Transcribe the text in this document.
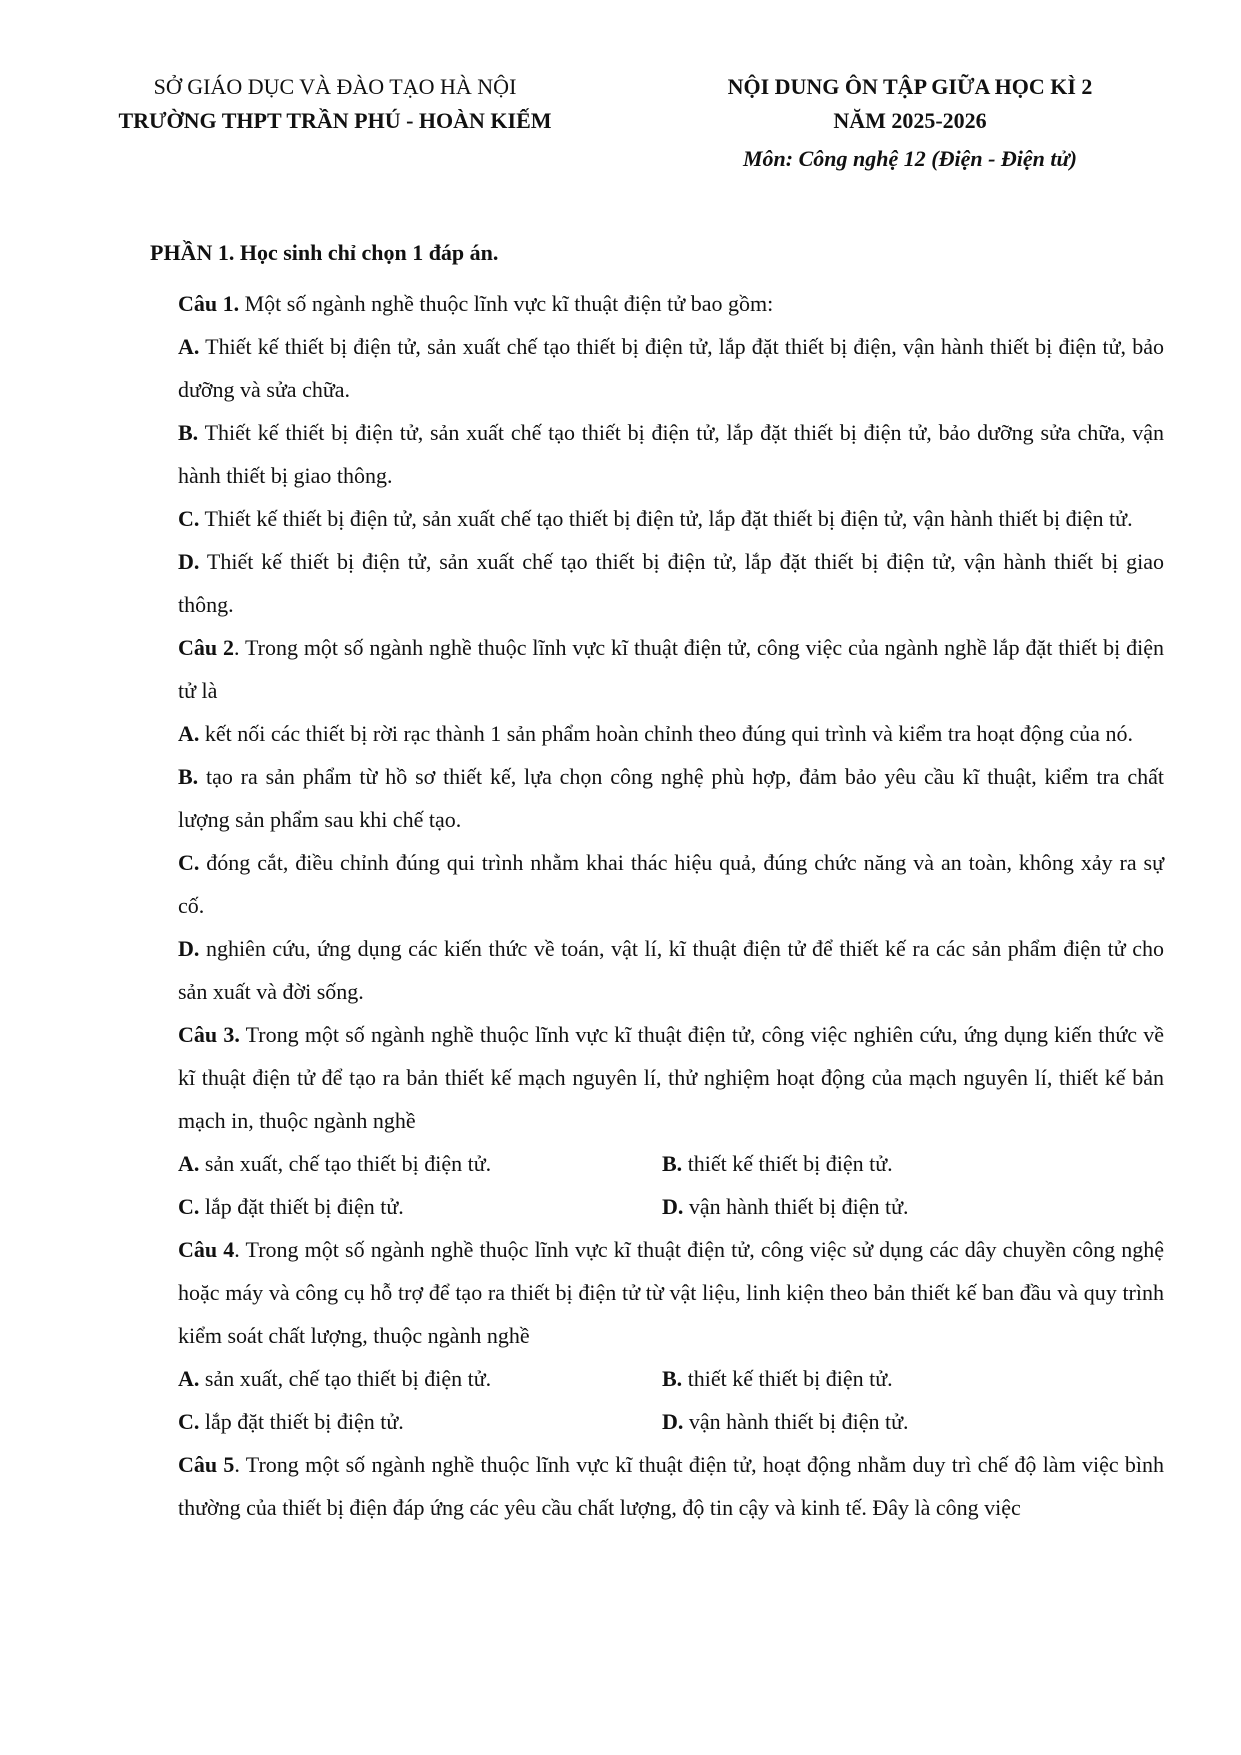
SỞ GIÁO DỤC VÀ ĐÀO TẠO HÀ NỘI
TRƯỜNG THPT TRẦN PHÚ - HOÀN KIẾM
NỘI DUNG ÔN TẬP GIỮA HỌC KÌ 2
NĂM 2025-2026
Môn: Công nghệ 12 (Điện - Điện tử)
PHẦN 1. Học sinh chỉ chọn 1 đáp án.

Câu 1. Một số ngành nghề thuộc lĩnh vực kĩ thuật điện tử bao gồm:

A. Thiết kế thiết bị điện tử, sản xuất chế tạo thiết bị điện tử, lắp đặt thiết bị điện, vận hành thiết bị điện tử, bảo dưỡng và sửa chữa.

B. Thiết kế thiết bị điện tử, sản xuất chế tạo thiết bị điện tử, lắp đặt thiết bị điện tử, bảo dưỡng sửa chữa, vận hành thiết bị giao thông.

C. Thiết kế thiết bị điện tử, sản xuất chế tạo thiết bị điện tử, lắp đặt thiết bị điện tử, vận hành thiết bị điện tử.

D. Thiết kế thiết bị điện tử, sản xuất chế tạo thiết bị điện tử, lắp đặt thiết bị điện tử, vận hành thiết bị giao thông.

Câu 2. Trong một số ngành nghề thuộc lĩnh vực kĩ thuật điện tử, công việc của ngành nghề lắp đặt thiết bị điện tử là

A. kết nối các thiết bị rời rạc thành 1 sản phẩm hoàn chỉnh theo đúng qui trình và kiểm tra hoạt động của nó.

B. tạo ra sản phẩm từ hồ sơ thiết kế, lựa chọn công nghệ phù hợp, đảm bảo yêu cầu kĩ thuật, kiểm tra chất lượng sản phẩm sau khi chế tạo.

C. đóng cắt, điều chỉnh đúng qui trình nhằm khai thác hiệu quả, đúng chức năng và an toàn, không xảy ra sự cố.

D. nghiên cứu, ứng dụng các kiến thức về toán, vật lí, kĩ thuật điện tử để thiết kế ra các sản phẩm điện tử cho sản xuất và đời sống.

Câu 3. Trong một số ngành nghề thuộc lĩnh vực kĩ thuật điện tử, công việc nghiên cứu, ứng dụng kiến thức về kĩ thuật điện tử để tạo ra bản thiết kế mạch nguyên lí, thử nghiệm hoạt động của mạch nguyên lí, thiết kế bản mạch in, thuộc ngành nghề

A. sản xuất, chế tạo thiết bị điện tử.	B. thiết kế thiết bị điện tử.
C. lắp đặt thiết bị điện tử.	D. vận hành thiết bị điện tử.

Câu 4. Trong một số ngành nghề thuộc lĩnh vực kĩ thuật điện tử, công việc sử dụng các dây chuyền công nghệ hoặc máy và công cụ hỗ trợ để tạo ra thiết bị điện tử từ vật liệu, linh kiện theo bản thiết kế ban đầu và quy trình kiểm soát chất lượng, thuộc ngành nghề

A. sản xuất, chế tạo thiết bị điện tử.	B. thiết kế thiết bị điện tử.
C. lắp đặt thiết bị điện tử.	D. vận hành thiết bị điện tử.

Câu 5. Trong một số ngành nghề thuộc lĩnh vực kĩ thuật điện tử, hoạt động nhằm duy trì chế độ làm việc bình thường của thiết bị điện đáp ứng các yêu cầu chất lượng, độ tin cậy và kinh tế. Đây là công việc
